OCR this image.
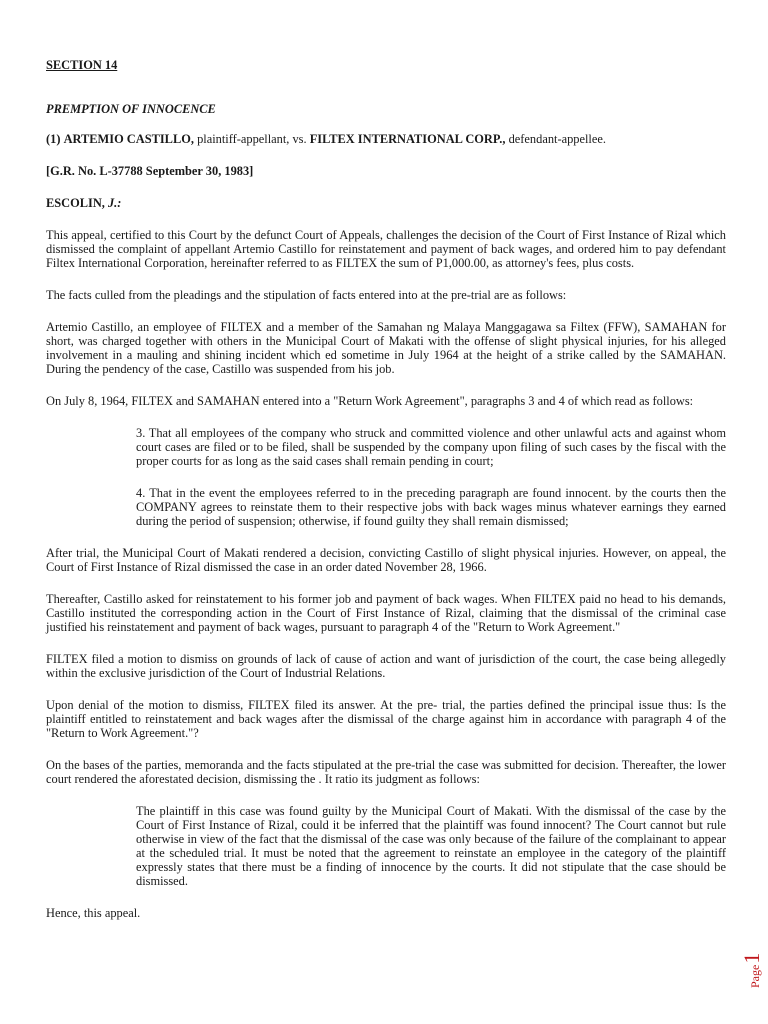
SECTION 14

PREMPTION OF INNOCENCE

(1) ARTEMIO CASTILLO, plaintiff-appellant, vs. FILTEX INTERNATIONAL CORP., defendant-appellee.

[G.R. No. L-37788 September 30, 1983]

ESCOLIN, J.:

This appeal, certified to this Court by the defunct Court of Appeals, challenges the decision of the Court of First Instance of Rizal which dismissed the complaint of appellant Artemio Castillo for reinstatement and payment of back wages, and ordered him to pay defendant Filtex International Corporation, hereinafter referred to as FILTEX the sum of P1,000.00, as attorney's fees, plus costs.

The facts culled from the pleadings and the stipulation of facts entered into at the pre-trial are as follows:

Artemio Castillo, an employee of FILTEX and a member of the Samahan ng Malaya Manggagawa sa Filtex (FFW), SAMAHAN for short, was charged together with others in the Municipal Court of Makati with the offense of slight physical injuries, for his alleged involvement in a mauling and shining incident which ed sometime in July 1964 at the height of a strike called by the SAMAHAN. During the pendency of the case, Castillo was suspended from his job.

On July 8, 1964, FILTEX and SAMAHAN entered into a "Return Work Agreement", paragraphs 3 and 4 of which read as follows:

3. That all employees of the company who struck and committed violence and other unlawful acts and against whom court cases are filed or to be filed, shall be suspended by the company upon filing of such cases by the fiscal with the proper courts for as long as the said cases shall remain pending in court;

4. That in the event the employees referred to in the preceding paragraph are found innocent. by the courts then the COMPANY agrees to reinstate them to their respective jobs with back wages minus whatever earnings they earned during the period of suspension; otherwise, if found guilty they shall remain dismissed;

After trial, the Municipal Court of Makati rendered a decision, convicting Castillo of slight physical injuries. However, on appeal, the Court of First Instance of Rizal dismissed the case in an order dated November 28, 1966.

Thereafter, Castillo asked for reinstatement to his former job and payment of back wages. When FILTEX paid no head to his demands, Castillo instituted the corresponding action in the Court of First Instance of Rizal, claiming that the dismissal of the criminal case justified his reinstatement and payment of back wages, pursuant to paragraph 4 of the "Return to Work Agreement."

FILTEX filed a motion to dismiss on grounds of lack of cause of action and want of jurisdiction of the court, the case being allegedly within the exclusive jurisdiction of the Court of Industrial Relations.

Upon denial of the motion to dismiss, FILTEX filed its answer. At the pre- trial, the parties defined the principal issue thus: Is the plaintiff entitled to reinstatement and back wages after the dismissal of the charge against him in accordance with paragraph 4 of the "Return to Work Agreement."?

On the bases of the parties, memoranda and the facts stipulated at the pre-trial the case was submitted for decision. Thereafter, the lower court rendered the aforestated decision, dismissing the . It ratio its judgment as follows:

The plaintiff in this case was found guilty by the Municipal Court of Makati. With the dismissal of the case by the Court of First Instance of Rizal, could it be inferred that the plaintiff was found innocent? The Court cannot but rule otherwise in view of the fact that the dismissal of the case was only because of the failure of the complainant to appear at the scheduled trial. It must be noted that the agreement to reinstate an employee in the category of the plaintiff expressly states that there must be a finding of innocence by the courts. It did not stipulate that the case should be dismissed.

Hence, this appeal.

Page1
